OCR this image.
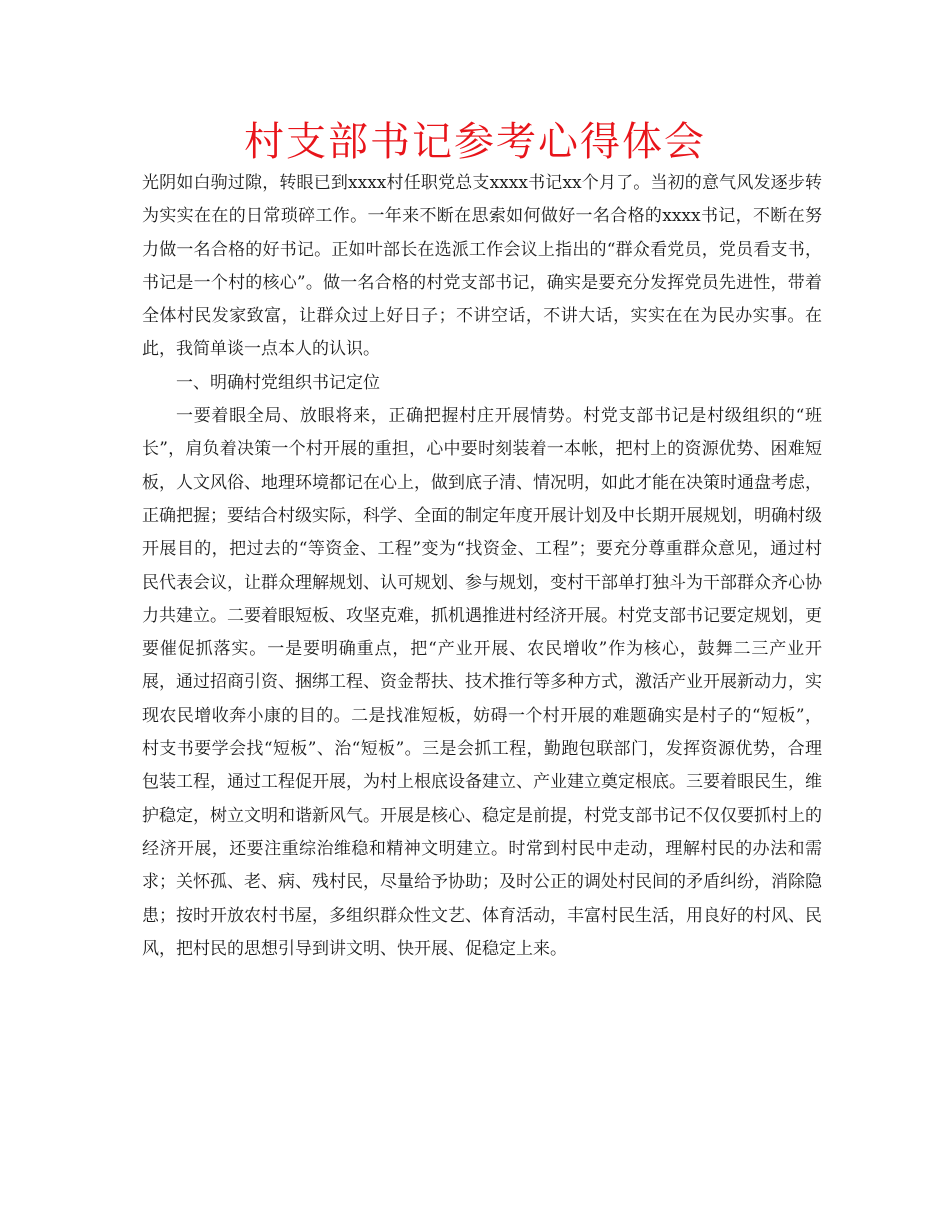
村支部书记参考心得体会

光阴如白驹过隙，转眼已到xxxx村任职党总支xxxx书记xx个月了。当初的意气风发逐步转为实实在在的日常琐碎工作。一年来不断在思索如何做好一名合格的xxxx书记，不断在努力做一名合格的好书记。正如叶部长在选派工作会议上指出的“群众看党员，党员看支书，书记是一个村的核心”。做一名合格的村党支部书记，确实是要充分发挥党员先进性，带着全体村民发家致富，让群众过上好日子；不讲空话，不讲大话，实实在在为民办实事。在此，我简单谈一点本人的认识。

一、明确村党组织书记定位

一要着眼全局、放眼将来，正确把握村庄开展情势。村党支部书记是村级组织的“班长”，肩负着决策一个村开展的重担，心中要时刻装着一本帐，把村上的资源优势、困难短板，人文风俗、地理环境都记在心上，做到底子清、情况明，如此才能在决策时通盘考虑，正确把握；要结合村级实际，科学、全面的制定年度开展计划及中长期开展规划，明确村级开展目的，把过去的“等资金、工程”变为“找资金、工程”；要充分尊重群众意见，通过村民代表会议，让群众理解规划、认可规划、参与规划，变村干部单打独斗为干部群众齐心协力共建立。二要着眼短板、攻坚克难，抓机遇推进村经济开展。村党支部书记要定规划，更要催促抓落实。一是要明确重点，把“产业开展、农民增收”作为核心，鼓舞二三产业开展，通过招商引资、捆绑工程、资金帮扶、技术推行等多种方式，激活产业开展新动力，实现农民增收奔小康的目的。二是找准短板，妨碍一个村开展的难题确实是村子的“短板”，村支书要学会找“短板”、治“短板”。三是会抓工程，勤跑包联部门，发挥资源优势，合理包装工程，通过工程促开展，为村上根底设备建立、产业建立奠定根底。三要着眼民生，维护稳定，树立文明和谐新风气。开展是核心、稳定是前提，村党支部书记不仅仅要抓村上的经济开展，还要注重综治维稳和精神文明建立。时常到村民中走动，理解村民的办法和需求；关怀孤、老、病、残村民，尽量给予协助；及时公正的调处村民间的矛盾纠纷，消除隐患；按时开放农村书屋，多组织群众性文艺、体育活动，丰富村民生活，用良好的村风、民风，把村民的思想引导到讲文明、快开展、促稳定上来。
